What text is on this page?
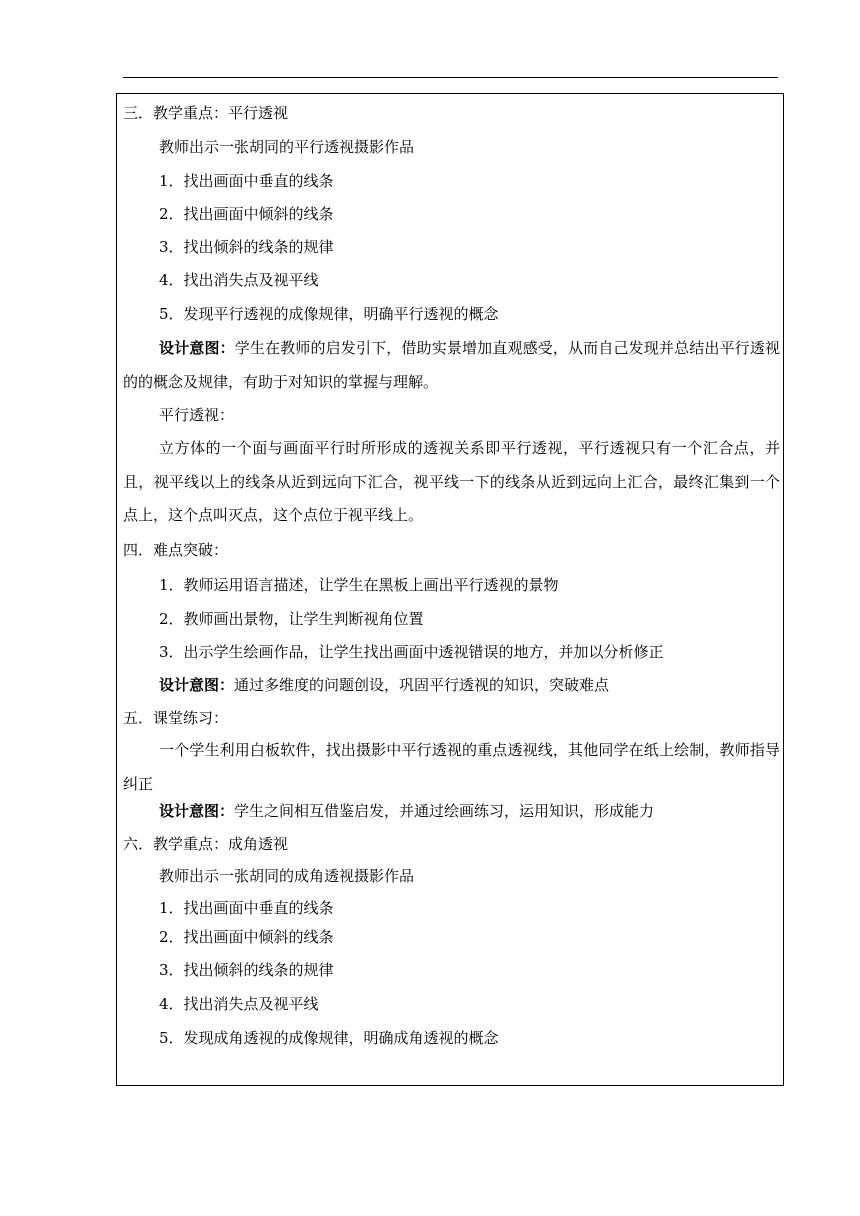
三．教学重点：平行透视
教师出示一张胡同的平行透视摄影作品
1．找出画面中垂直的线条
2．找出画面中倾斜的线条
3．找出倾斜的线条的规律
4．找出消失点及视平线
5．发现平行透视的成像规律，明确平行透视的概念
设计意图：学生在教师的启发引下，借助实景增加直观感受，从而自己发现并总结出平行透视的的概念及规律，有助于对知识的掌握与理解。
平行透视：
立方体的一个面与画面平行时所形成的透视关系即平行透视，平行透视只有一个汇合点，并且，视平线以上的线条从近到远向下汇合，视平线一下的线条从近到远向上汇合，最终汇集到一个点上，这个点叫灭点，这个点位于视平线上。
四．难点突破：
1．教师运用语言描述，让学生在黑板上画出平行透视的景物
2．教师画出景物，让学生判断视角位置
3．出示学生绘画作品，让学生找出画面中透视错误的地方，并加以分析修正
设计意图：通过多维度的问题创设，巩固平行透视的知识，突破难点
五．课堂练习：
一个学生利用白板软件，找出摄影中平行透视的重点透视线，其他同学在纸上绘制，教师指导纠正
设计意图：学生之间相互借鉴启发，并通过绘画练习，运用知识，形成能力
六．教学重点：成角透视
教师出示一张胡同的成角透视摄影作品
1．找出画面中垂直的线条
2．找出画面中倾斜的线条
3．找出倾斜的线条的规律
4．找出消失点及视平线
5．发现成角透视的成像规律，明确成角透视的概念
